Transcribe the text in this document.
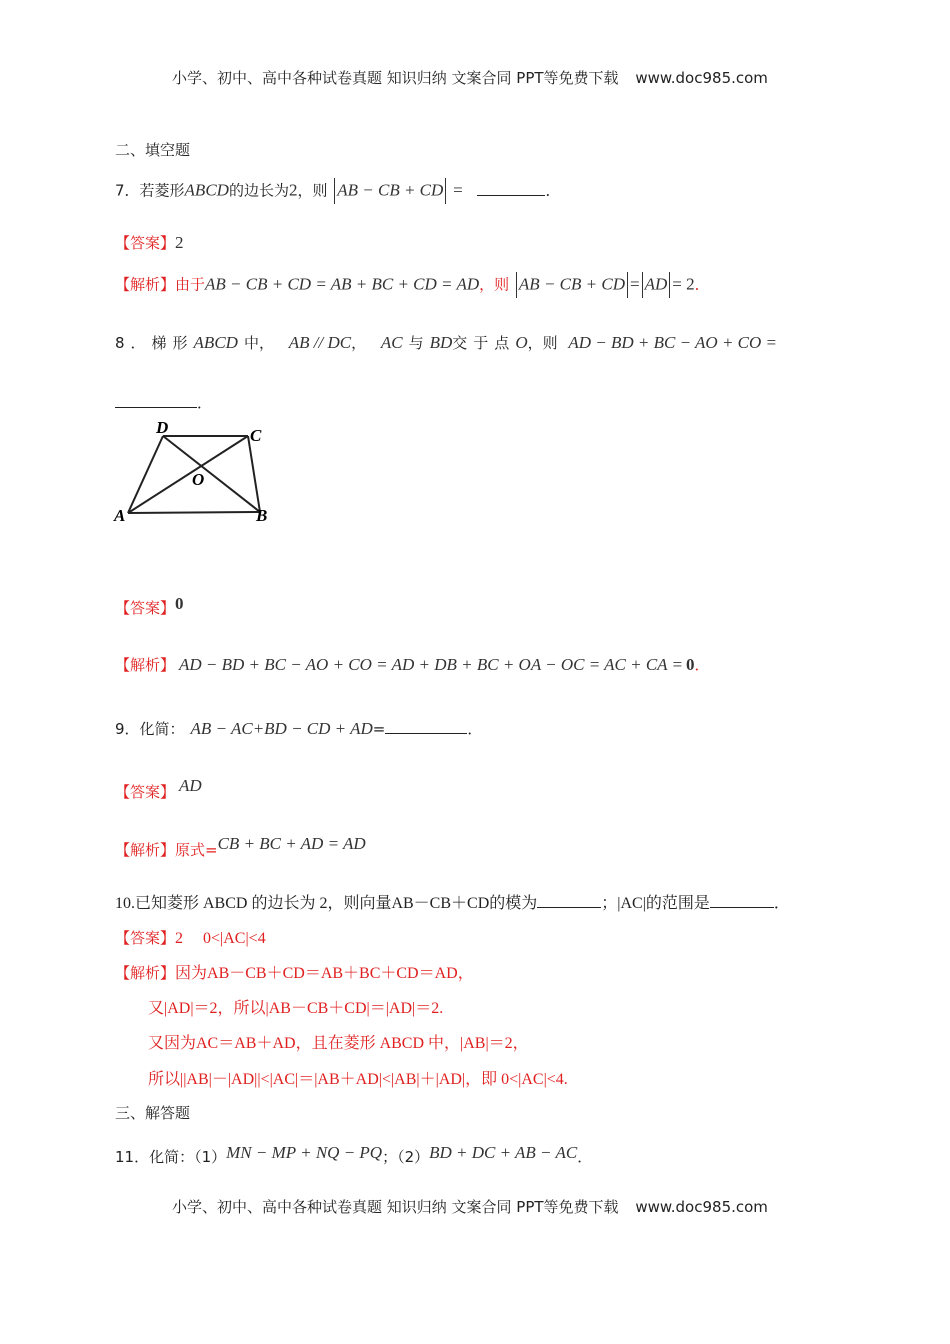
小学、初中、高中各种试卷真题 知识归纳 文案合同 PPT等免费下载 www.doc985.com
二、填空题
7．若菱形ABCD的边长为2，则 AB − CB + CD =	．
【答案】2
【解析】由于AB − CB + CD = AB + BC + CD = AD，则 AB − CB + CD = AD = 2．
8．梯形ABCD 中， AB // DC， AC 与 BD交于点O，则 AD − BD + BC − AO + CO =
．
A	B
C
D
O
【答案】0
【解析】 AD − BD + BC − AO + CO = AD + DB + BC + OA − OC = AC + CA = 0．
9．化简： AB − AC+BD − CD + AD=	．
【答案】 AD
【解析】原式=CB + BC + AD = AD
10.已知菱形 ABCD 的边长为 2，则向量AB－CB＋CD的模为	；|AC|的范围是	．
【答案】2　 0<|AC|<4
【解析】因为AB－CB＋CD＝AB＋BC＋CD＝AD，
又|AD|＝2，所以|AB－CB＋CD|＝|AD|＝2.
又因为AC＝AB＋AD，且在菱形 ABCD 中，|AB|＝2，
所以||AB|－|AD||<|AC|＝|AB＋AD|<|AB|＋|AD|，即 0<|AC|<4.
三、解答题
11．化简：（1）MN − MP + NQ − PQ；（2）BD + DC + AB − AC．
小学、初中、高中各种试卷真题 知识归纳 文案合同 PPT等免费下载 www.doc985.com
